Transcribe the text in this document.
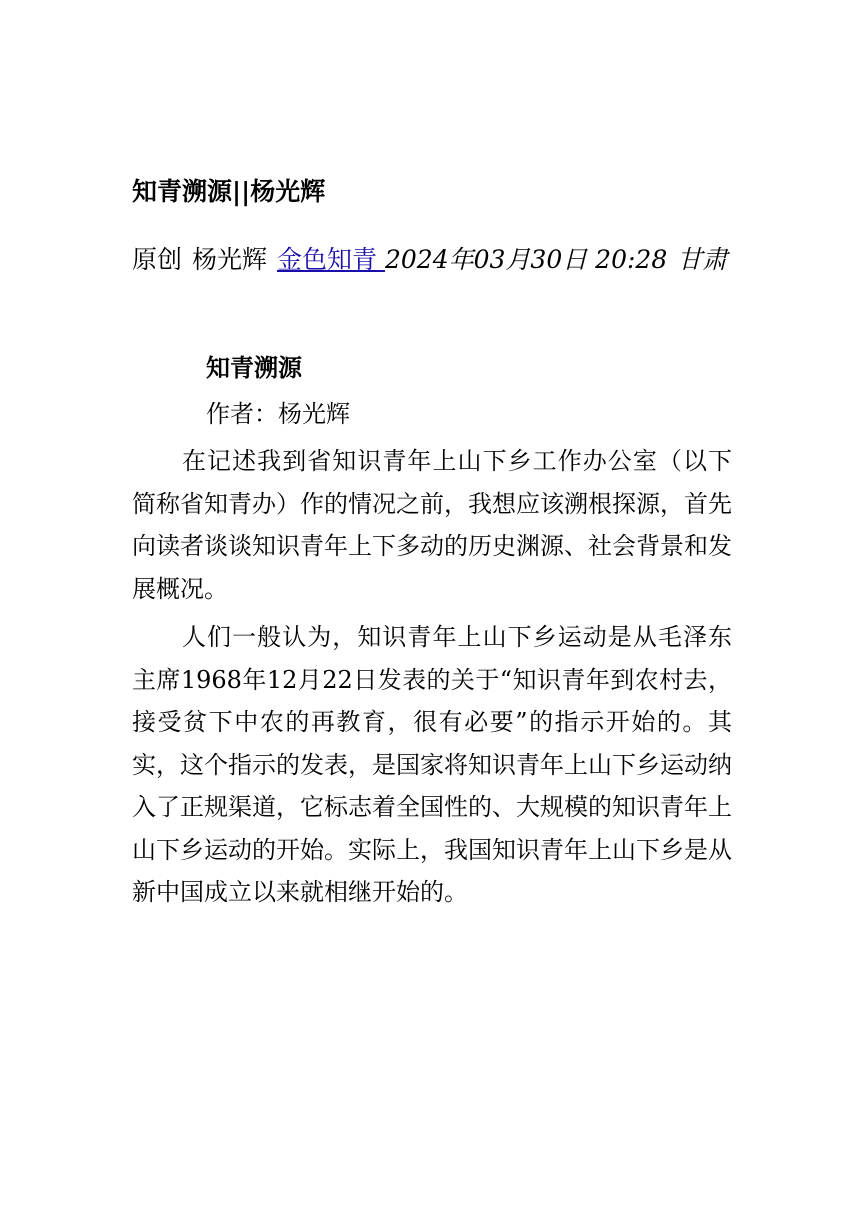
知青溯源||杨光辉
原创 杨光辉 金色知青 2024年03月30日 20:28 甘肃
知青溯源
作者：杨光辉

在记述我到省知识青年上山下乡工作办公室（以下简称省知青办）作的情况之前，我想应该溯根探源，首先向读者谈谈知识青年上下多动的历史渊源、社会背景和发展概况。

人们一般认为，知识青年上山下乡运动是从毛泽东主席1968年12月22日发表的关于“知识青年到农村去，接受贫下中农的再教育，很有必要”的指示开始的。其实，这个指示的发表，是国家将知识青年上山下乡运动纳入了正规渠道，它标志着全国性的、大规模的知识青年上山下乡运动的开始。实际上，我国知识青年上山下乡是从新中国成立以来就相继开始的。
